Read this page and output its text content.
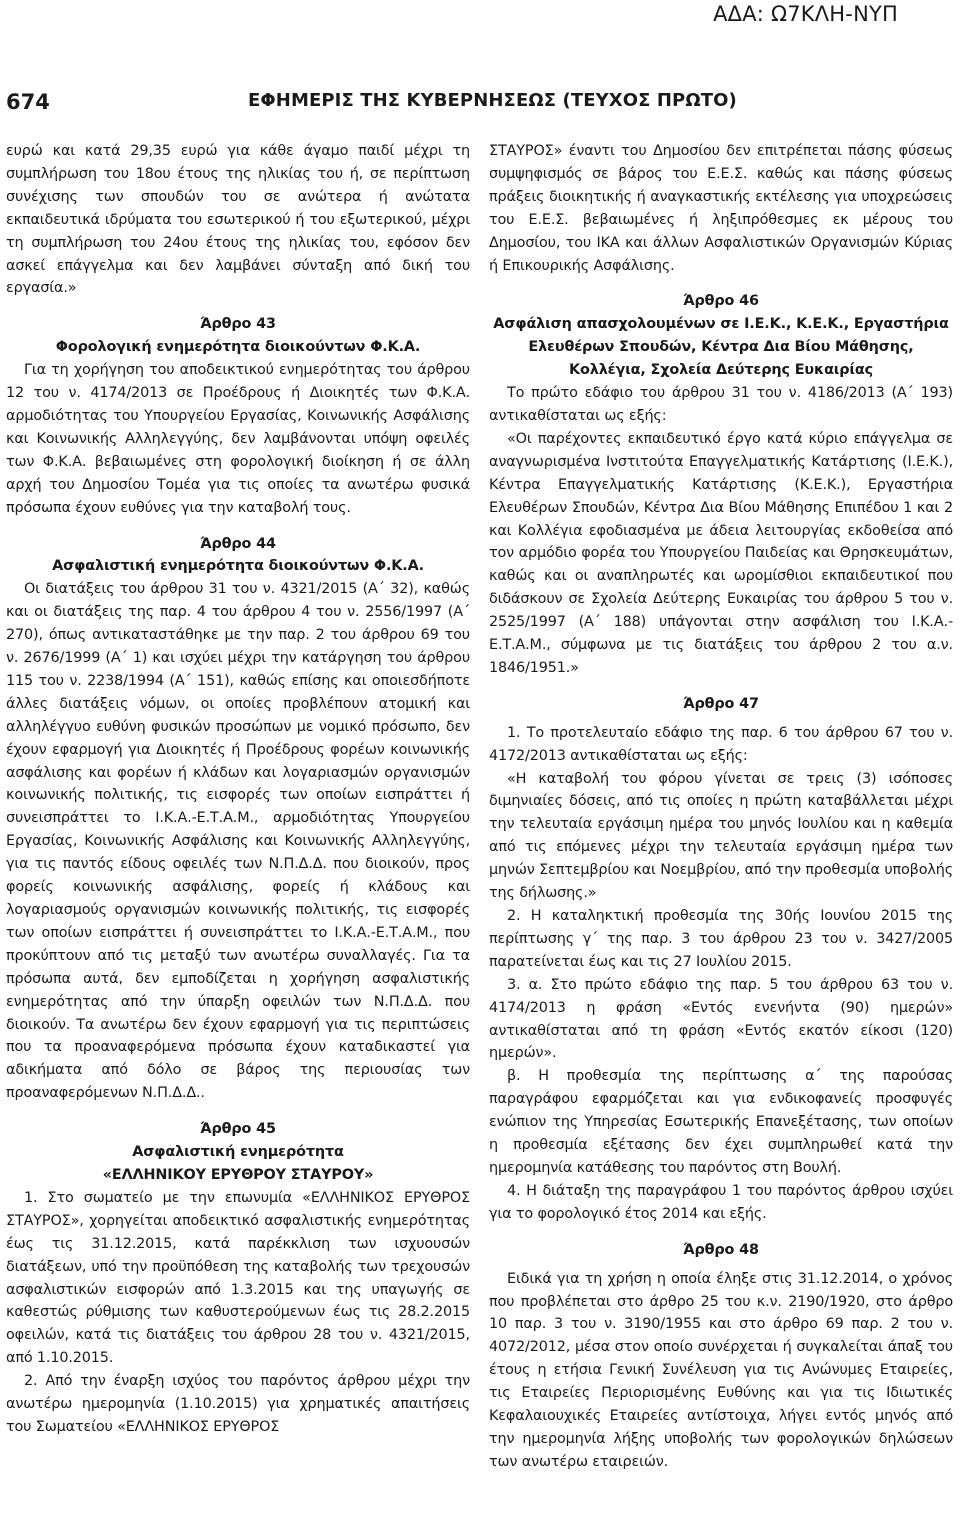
ΑΔΑ: Ω7ΚΛΗ-ΝΥΠ
674	ΕΦΗΜΕΡΙΣ ΤΗΣ ΚΥΒΕΡΝΗΣΕΩΣ (ΤΕΥΧΟΣ ΠΡΩΤΟ)

ευρώ και κατά 29,35 ευρώ για κάθε άγαμο παιδί μέχρι τη συμπλήρωση του 18ου έτους της ηλικίας του ή, σε περίπτωση συνέχισης των σπουδών του σε ανώτερα ή ανώτατα εκπαιδευτικά ιδρύματα του εσωτερικού ή του εξωτερικού, μέχρι τη συμπλήρωση του 24ου έτους της ηλικίας του, εφόσον δεν ασκεί επάγγελμα και δεν λαμβάνει σύνταξη από δική του εργασία.»

Άρθρο 43

Φορολογική ενημερότητα διοικούντων Φ.Κ.Α.

Για τη χορήγηση του αποδεικτικού ενημερότητας του άρθρου 12 του ν. 4174/2013 σε Προέδρους ή Διοικητές των Φ.Κ.Α. αρμοδιότητας του Υπουργείου Εργασίας, Κοινωνικής Ασφάλισης και Κοινωνικής Αλληλεγγύης, δεν λαμβάνονται υπόψη οφειλές των Φ.Κ.Α. βεβαιωμένες στη φορολογική διοίκηση ή σε άλλη αρχή του Δημοσίου Τομέα για τις οποίες τα ανωτέρω φυσικά πρόσωπα έχουν ευθύνες για την καταβολή τους.

Άρθρο 44

Ασφαλιστική ενημερότητα διοικούντων Φ.Κ.Α.

Οι διατάξεις του άρθρου 31 του ν. 4321/2015 (Α΄ 32), καθώς και οι διατάξεις της παρ. 4 του άρθρου 4 του ν. 2556/1997 (Α΄ 270), όπως αντικαταστάθηκε με την παρ. 2 του άρθρου 69 του ν. 2676/1999 (Α΄ 1) και ισχύει μέχρι την κατάργηση του άρθρου 115 του ν. 2238/1994 (Α΄ 151), καθώς επίσης και οποιεσδήποτε άλλες διατάξεις νόμων, οι οποίες προβλέπουν ατομική και αλληλέγγυο ευθύνη φυσικών προσώπων με νομικό πρόσωπο, δεν έχουν εφαρμογή για Διοικητές ή Προέδρους φορέων κοινωνικής ασφάλισης και φορέων ή κλάδων και λογαριασμών οργανισμών κοινωνικής πολιτικής, τις εισφορές των οποίων εισπράττει ή συνεισπράττει το Ι.Κ.Α.-Ε.Τ.Α.Μ., αρμοδιότητας Υπουργείου Εργασίας, Κοινωνικής Ασφάλισης και Κοινωνικής Αλληλεγγύης, για τις παντός είδους οφειλές των Ν.Π.Δ.Δ. που διοικούν, προς φορείς κοινωνικής ασφάλισης, φορείς ή κλάδους και λογαριασμούς οργανισμών κοινωνικής πολιτικής, τις εισφορές των οποίων εισπράττει ή συνεισπράττει το Ι.Κ.Α.-Ε.Τ.Α.Μ., που προκύπτουν από τις μεταξύ των ανωτέρω συναλλαγές. Για τα πρόσωπα αυτά, δεν εμποδίζεται η χορήγηση ασφαλιστικής ενημερότητας από την ύπαρξη οφειλών των Ν.Π.Δ.Δ. που διοικούν. Τα ανωτέρω δεν έχουν εφαρμογή για τις περιπτώσεις που τα προαναφερόμενα πρόσωπα έχουν καταδικαστεί για αδικήματα από δόλο σε βάρος της περιουσίας των προαναφερόμενων Ν.Π.Δ.Δ..

Άρθρο 45

Ασφαλιστική ενημερότητα

«ΕΛΛΗΝΙΚΟΥ ΕΡΥΘΡΟΥ ΣΤΑΥΡΟΥ»

1. Στο σωματείο με την επωνυμία «ΕΛΛΗΝΙΚΟΣ ΕΡΥΘΡΟΣ ΣΤΑΥΡΟΣ», χορηγείται αποδεικτικό ασφαλιστικής ενημερότητας έως τις 31.12.2015, κατά παρέκκλιση των ισχυουσών διατάξεων, υπό την προϋπόθεση της καταβολής των τρεχουσών ασφαλιστικών εισφορών από 1.3.2015 και της υπαγωγής σε καθεστώς ρύθμισης των καθυστερούμενων έως τις 28.2.2015 οφειλών, κατά τις διατάξεις του άρθρου 28 του ν. 4321/2015, από 1.10.2015.

2. Από την έναρξη ισχύος του παρόντος άρθρου μέχρι την ανωτέρω ημερομηνία (1.10.2015) για χρηματικές απαιτήσεις του Σωματείου «ΕΛΛΗΝΙΚΟΣ ΕΡΥΘΡΟΣ

ΣΤΑΥΡΟΣ» έναντι του Δημοσίου δεν επιτρέπεται πάσης φύσεως συμψηφισμός σε βάρος του Ε.Ε.Σ. καθώς και πάσης φύσεως πράξεις διοικητικής ή αναγκαστικής εκτέλεσης για υποχρεώσεις του Ε.Ε.Σ. βεβαιωμένες ή ληξιπρόθεσμες εκ μέρους του Δημοσίου, του ΙΚΑ και άλλων Ασφαλιστικών Οργανισμών Κύριας ή Επικουρικής Ασφάλισης.

Άρθρο 46

Ασφάλιση απασχολουμένων σε Ι.Ε.Κ., Κ.Ε.Κ., Εργαστήρια Ελευθέρων Σπουδών, Κέντρα Δια Βίου Μάθησης, Κολλέγια, Σχολεία Δεύτερης Ευκαιρίας

Το πρώτο εδάφιο του άρθρου 31 του ν. 4186/2013 (Α΄ 193) αντικαθίσταται ως εξής:

«Οι παρέχοντες εκπαιδευτικό έργο κατά κύριο επάγγελμα σε αναγνωρισμένα Ινστιτούτα Επαγγελματικής Κατάρτισης (Ι.Ε.Κ.), Κέντρα Επαγγελματικής Κατάρτισης (Κ.Ε.Κ.), Εργαστήρια Ελευθέρων Σπουδών, Κέντρα Δια Βίου Μάθησης Επιπέδου 1 και 2 και Κολλέγια εφοδιασμένα με άδεια λειτουργίας εκδοθείσα από τον αρμόδιο φορέα του Υπουργείου Παιδείας και Θρησκευμάτων, καθώς και οι αναπληρωτές και ωρομίσθιοι εκπαιδευτικοί που διδάσκουν σε Σχολεία Δεύτερης Ευκαιρίας του άρθρου 5 του ν. 2525/1997 (Α΄ 188) υπάγονται στην ασφάλιση του Ι.Κ.Α.-Ε.Τ.Α.Μ., σύμφωνα με τις διατάξεις του άρθρου 2 του α.ν. 1846/1951.»

Άρθρο 47

1. Το προτελευταίο εδάφιο της παρ. 6 του άρθρου 67 του ν. 4172/2013 αντικαθίσταται ως εξής:

«Η καταβολή του φόρου γίνεται σε τρεις (3) ισόποσες διμηνιαίες δόσεις, από τις οποίες η πρώτη καταβάλλεται μέχρι την τελευταία εργάσιμη ημέρα του μηνός Ιουλίου και η καθεμία από τις επόμενες μέχρι την τελευταία εργάσιμη ημέρα των μηνών Σεπτεμβρίου και Νοεμβρίου, από την προθεσμία υποβολής της δήλωσης.»

2. Η καταληκτική προθεσμία της 30ής Ιουνίου 2015 της περίπτωσης γ΄ της παρ. 3 του άρθρου 23 του ν. 3427/2005 παρατείνεται έως και τις 27 Ιουλίου 2015.

3. α. Στο πρώτο εδάφιο της παρ. 5 του άρθρου 63 του ν. 4174/2013 η φράση «Εντός ενενήντα (90) ημερών» αντικαθίσταται από τη φράση «Εντός εκατόν είκοσι (120) ημερών».

β. Η προθεσμία της περίπτωσης α΄ της παρούσας παραγράφου εφαρμόζεται και για ενδικοφανείς προσφυγές ενώπιον της Υπηρεσίας Εσωτερικής Επανεξέτασης, των οποίων η προθεσμία εξέτασης δεν έχει συμπληρωθεί κατά την ημερομηνία κατάθεσης του παρόντος στη Βουλή.

4. Η διάταξη της παραγράφου 1 του παρόντος άρθρου ισχύει για το φορολογικό έτος 2014 και εξής.

Άρθρο 48

Ειδικά για τη χρήση η οποία έληξε στις 31.12.2014, ο χρόνος που προβλέπεται στο άρθρο 25 του κ.ν. 2190/1920, στο άρθρο 10 παρ. 3 του ν. 3190/1955 και στο άρθρο 69 παρ. 2 του ν. 4072/2012, μέσα στον οποίο συνέρχεται ή συγκαλείται άπαξ του έτους η ετήσια Γενική Συνέλευση για τις Ανώνυμες Εταιρείες, τις Εταιρείες Περιορισμένης Ευθύνης και για τις Ιδιωτικές Κεφαλαιουχικές Εταιρείες αντίστοιχα, λήγει εντός μηνός από την ημερομηνία λήξης υποβολής των φορολογικών δηλώσεων των ανωτέρω εταιρειών.
